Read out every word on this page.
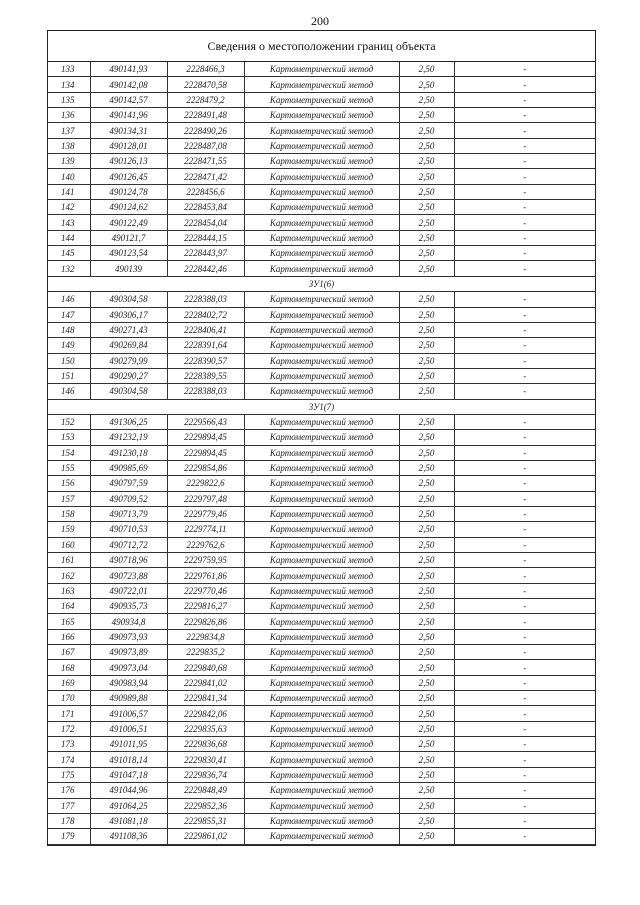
200
Сведения о местоположении границ объекта
133	490141,93	2228466,3	Картометрический метод	2,50	-
134	490142,08	2228470,58	Картометрический метод	2,50	-
135	490142,57	2228479,2	Картометрический метод	2,50	-
136	490141,96	2228491,48	Картометрический метод	2,50	-
137	490134,31	2228490,26	Картометрический метод	2,50	-
138	490128,01	2228487,08	Картометрический метод	2,50	-
139	490126,13	2228471,55	Картометрический метод	2,50	-
140	490126,45	2228471,42	Картометрический метод	2,50	-
141	490124,78	2228456,6	Картометрический метод	2,50	-
142	490124,62	2228453,84	Картометрический метод	2,50	-
143	490122,49	2228454,04	Картометрический метод	2,50	-
144	490121,7	2228444,15	Картометрический метод	2,50	-
145	490123,54	2228443,97	Картометрический метод	2,50	-
132	490139	2228442,46	Картометрический метод	2,50	-
ЗУ1(6)					
146	490304,58	2228388,03	Картометрический метод	2,50	-
147	490306,17	2228402,72	Картометрический метод	2,50	-
148	490271,43	2228406,41	Картометрический метод	2,50	-
149	490269,84	2228391,64	Картометрический метод	2,50	-
150	490279,99	2228390,57	Картометрический метод	2,50	-
151	490290,27	2228389,55	Картометрический метод	2,50	-
146	490304,58	2228388,03	Картометрический метод	2,50	-
ЗУ1(7)					
152	491306,25	2229566,43	Картометрический метод	2,50	-
153	491232,19	2229894,45	Картометрический метод	2,50	-
154	491230,18	2229894,45	Картометрический метод	2,50	-
155	490985,69	2229854,86	Картометрический метод	2,50	-
156	490797,59	2229822,6	Картометрический метод	2,50	-
157	490709,52	2229797,48	Картометрический метод	2,50	-
158	490713,79	2229779,46	Картометрический метод	2,50	-
159	490710,53	2229774,11	Картометрический метод	2,50	-
160	490712,72	2229762,6	Картометрический метод	2,50	-
161	490718,96	2229759,95	Картометрический метод	2,50	-
162	490723,88	2229761,86	Картометрический метод	2,50	-
163	490722,01	2229770,46	Картометрический метод	2,50	-
164	490935,73	2229816,27	Картометрический метод	2,50	-
165	490934,8	2229826,86	Картометрический метод	2,50	-
166	490973,93	2229834,8	Картометрический метод	2,50	-
167	490973,89	2229835,2	Картометрический метод	2,50	-
168	490973,04	2229840,68	Картометрический метод	2,50	-
169	490983,94	2229841,02	Картометрический метод	2,50	-
170	490989,88	2229841,34	Картометрический метод	2,50	-
171	491006,57	2229842,06	Картометрический метод	2,50	-
172	491006,51	2229835,63	Картометрический метод	2,50	-
173	491011,95	2229836,68	Картометрический метод	2,50	-
174	491018,14	2229830,41	Картометрический метод	2,50	-
175	491047,18	2229836,74	Картометрический метод	2,50	-
176	491044,96	2229848,49	Картометрический метод	2,50	-
177	491064,25	2229852,36	Картометрический метод	2,50	-
178	491081,18	2229855,31	Картометрический метод	2,50	-
179	491108,36	2229861,02	Картометрический метод	2,50	-
